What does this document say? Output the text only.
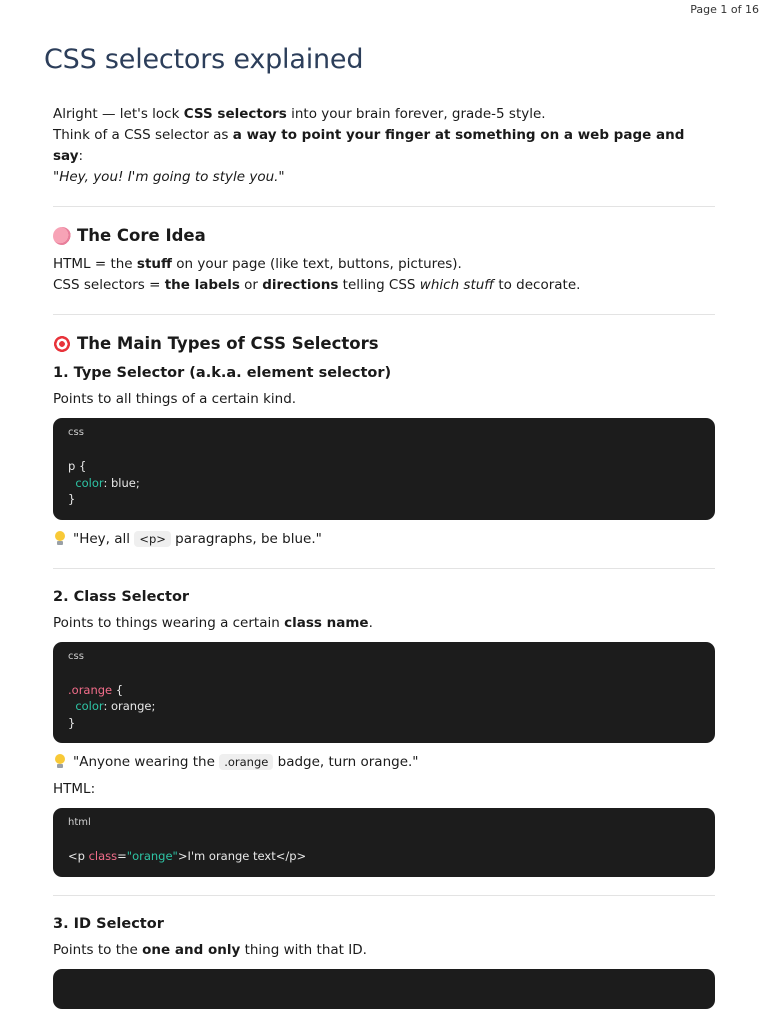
Page 1 of 16
CSS selectors explained

Alright — let's lock CSS selectors into your brain forever, grade-5 style.

Think of a CSS selector as a way to point your finger at something on a web page and say:

"Hey, you! I'm going to style you."

The Core Idea

HTML = the stuff on your page (like text, buttons, pictures).

CSS selectors = the labels or directions telling CSS which stuff to decorate.

The Main Types of CSS Selectors
1. Type Selector (a.k.a. element selector)

Points to all things of a certain kind.

css
p {
color: blue;
}
"Hey, all <p> paragraphs, be blue."
2. Class Selector

Points to things wearing a certain class name.

css
.orange {
color: orange;
}
"Anyone wearing the .orange badge, turn orange."

HTML:

html
<p class="orange">I'm orange text</p>
3. ID Selector

Points to the one and only thing with that ID.
